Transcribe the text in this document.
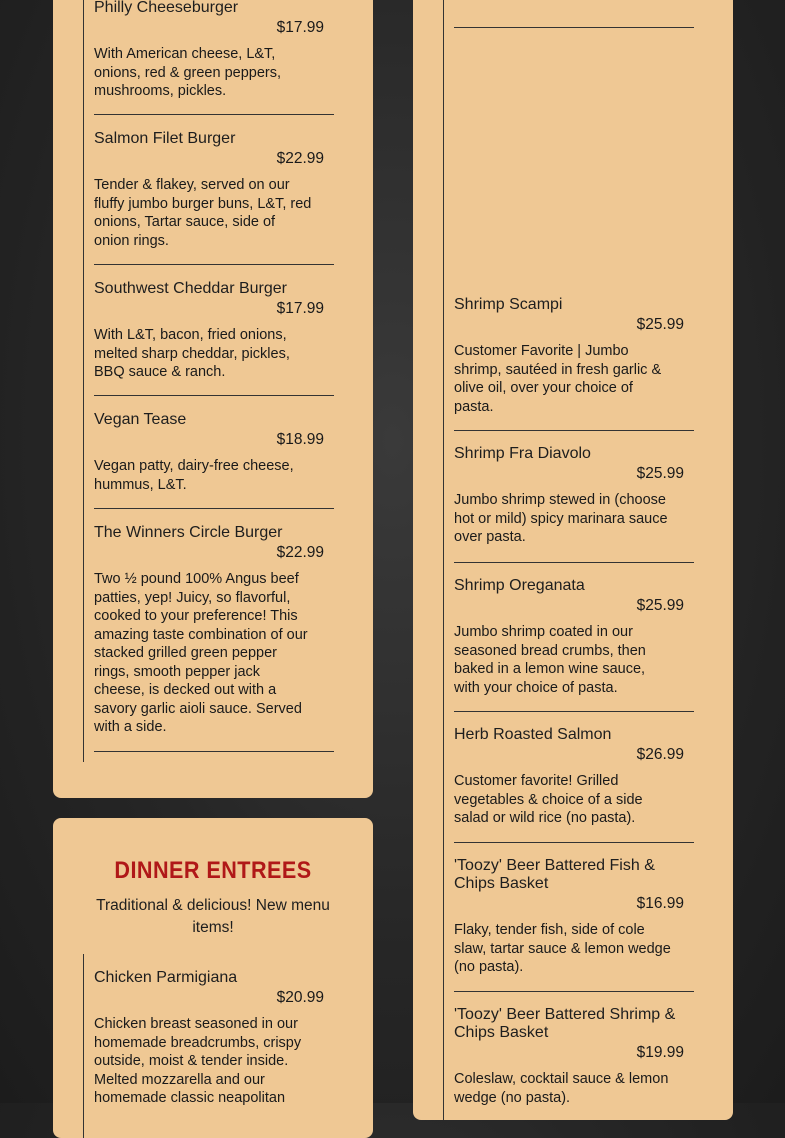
Philly Cheeseburger
$17.99
With American cheese, L&T, onions, red & green peppers, mushrooms, pickles.
Salmon Filet Burger
$22.99
Tender & flakey, served on our fluffy jumbo burger buns, L&T, red onions, Tartar sauce, side of onion rings.
Southwest Cheddar Burger
$17.99
With L&T, bacon, fried onions, melted sharp cheddar, pickles, BBQ sauce & ranch.
Vegan Tease
$18.99
Vegan patty, dairy-free cheese, hummus, L&T.
The Winners Circle Burger
$22.99
Two ½ pound 100% Angus beef patties, yep! Juicy, so flavorful, cooked to your preference! This amazing taste combination of our stacked grilled green pepper rings, smooth pepper jack cheese, is decked out with a savory garlic aioli sauce. Served with a side.
DINNER ENTREES
Traditional & delicious! New menu items!
Chicken Parmigiana
$20.99
Chicken breast seasoned in our homemade breadcrumbs, crispy outside, moist & tender inside. Melted mozzarella and our homemade classic neapolitan
Shrimp Scampi
$25.99
Customer Favorite | Jumbo shrimp, sautéed in fresh garlic & olive oil, over your choice of pasta.
Shrimp Fra Diavolo
$25.99
Jumbo shrimp stewed in (choose hot or mild) spicy marinara sauce over pasta.
Shrimp Oreganata
$25.99
Jumbo shrimp coated in our seasoned bread crumbs, then baked in a lemon wine sauce, with your choice of pasta.
Herb Roasted Salmon
$26.99
Customer favorite! Grilled vegetables & choice of a side salad or wild rice (no pasta).
'Toozy' Beer Battered Fish & Chips Basket
$16.99
Flaky, tender fish, side of cole slaw, tartar sauce & lemon wedge (no pasta).
'Toozy' Beer Battered Shrimp & Chips Basket
$19.99
Coleslaw, cocktail sauce & lemon wedge (no pasta).
